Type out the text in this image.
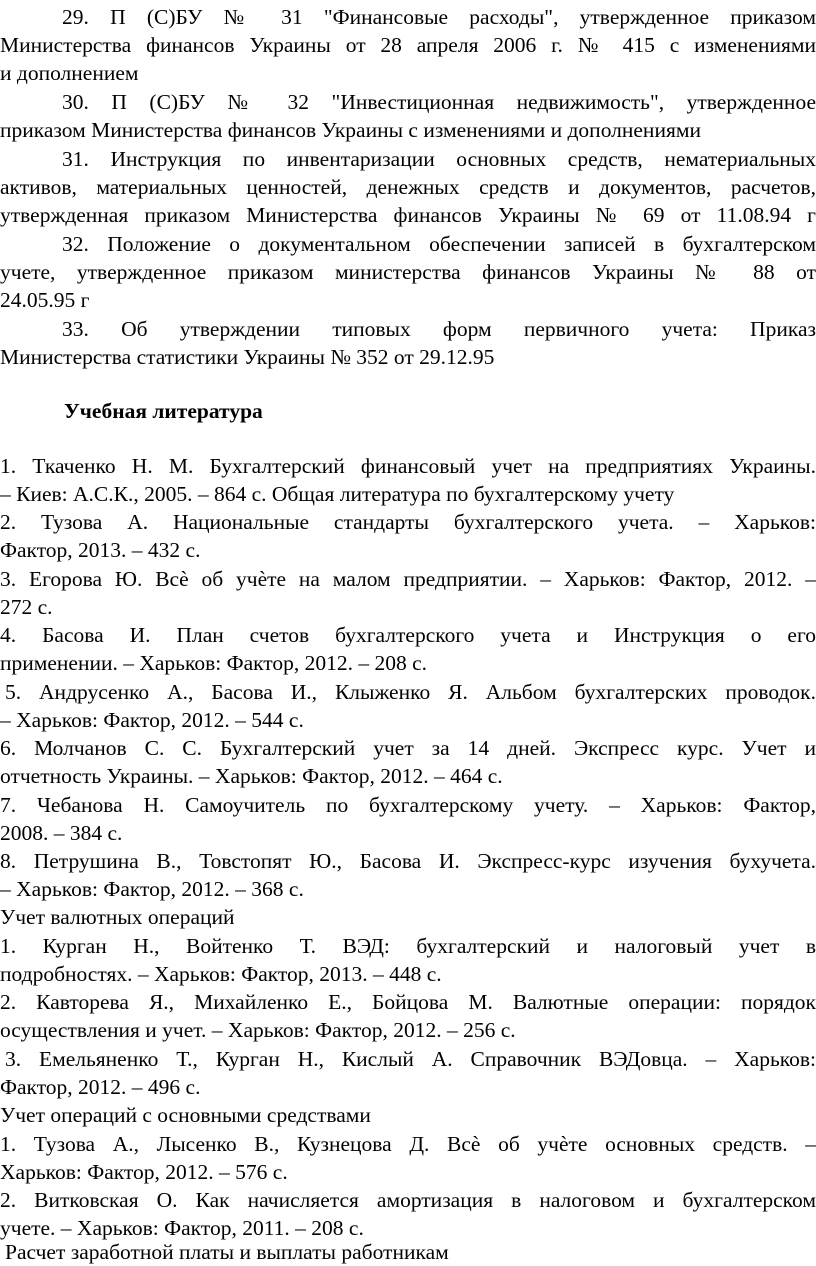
29. П (С)БУ № 31 "Финансовые расходы", утвержденное приказом

Министерства финансов Украины от 28 апреля 2006 г. № 415 с изменениями

и дополнением

30. П (С)БУ № 32 "Инвестиционная недвижимость", утвержденное

приказом Министерства финансов Украины с изменениями и дополнениями

31. Инструкция по инвентаризации основных средств, нематериальных

активов, материальных ценностей, денежных средств и документов, расчетов,

утвержденная приказом Министерства финансов Украины № 69 от 11.08.94 г

32. Положение о документальном обеспечении записей в бухгалтерском

учете, утвержденное приказом министерства финансов Украины № 88 от

24.05.95 г

33. Об утверждении типовых форм первичного учета: Приказ

Министерства статистики Украины № 352 от 29.12.95

Учебная литература

1. Ткаченко Н. М. Бухгалтерский финансовый учет на предприятиях Украины.

– Киев: А.С.К., 2005. – 864 с. Общая литература по бухгалтерскому учету

2. Тузова А. Национальные стандарты бухгалтерского учета. – Харьков:

Фактор, 2013. – 432 с.

3. Егорова Ю. Всѐ об учѐте на малом предприятии. – Харьков: Фактор, 2012. –

272 с.

4. Басова И. План счетов бухгалтерского учета и Инструкция о его

применении. – Харьков: Фактор, 2012. – 208 с.

5. Андрусенко А., Басова И., Клыженко Я. Альбом бухгалтерских проводок.

– Харьков: Фактор, 2012. – 544 с.

6. Молчанов С. С. Бухгалтерский учет за 14 дней. Экспресс курс. Учет и

отчетность Украины. – Харьков: Фактор, 2012. – 464 с.

7. Чебанова Н. Самоучитель по бухгалтерскому учету. – Харьков: Фактор,

2008. – 384 с.

8. Петрушина В., Товстопят Ю., Басова И. Экспресс-курс изучения бухучета.

– Харьков: Фактор, 2012. – 368 с.

Учет валютных операций

1. Курган Н., Войтенко Т. ВЭД: бухгалтерский и налоговый учет в

подробностях. – Харьков: Фактор, 2013. – 448 с.

2. Кавторева Я., Михайленко Е., Бойцова М. Валютные операции: порядок

осуществления и учет. – Харьков: Фактор, 2012. – 256 с.

3. Емельяненко Т., Курган Н., Кислый А. Справочник ВЭДовца. – Харьков:

Фактор, 2012. – 496 с.

Учет операций с основными средствами

1. Тузова А., Лысенко В., Кузнецова Д. Всѐ об учѐте основных средств. –

Харьков: Фактор, 2012. – 576 с.

2. Витковская О. Как начисляется амортизация в налоговом и бухгалтерском

учете. – Харьков: Фактор, 2011. – 208 с.

Расчет заработной платы и выплаты работникам
